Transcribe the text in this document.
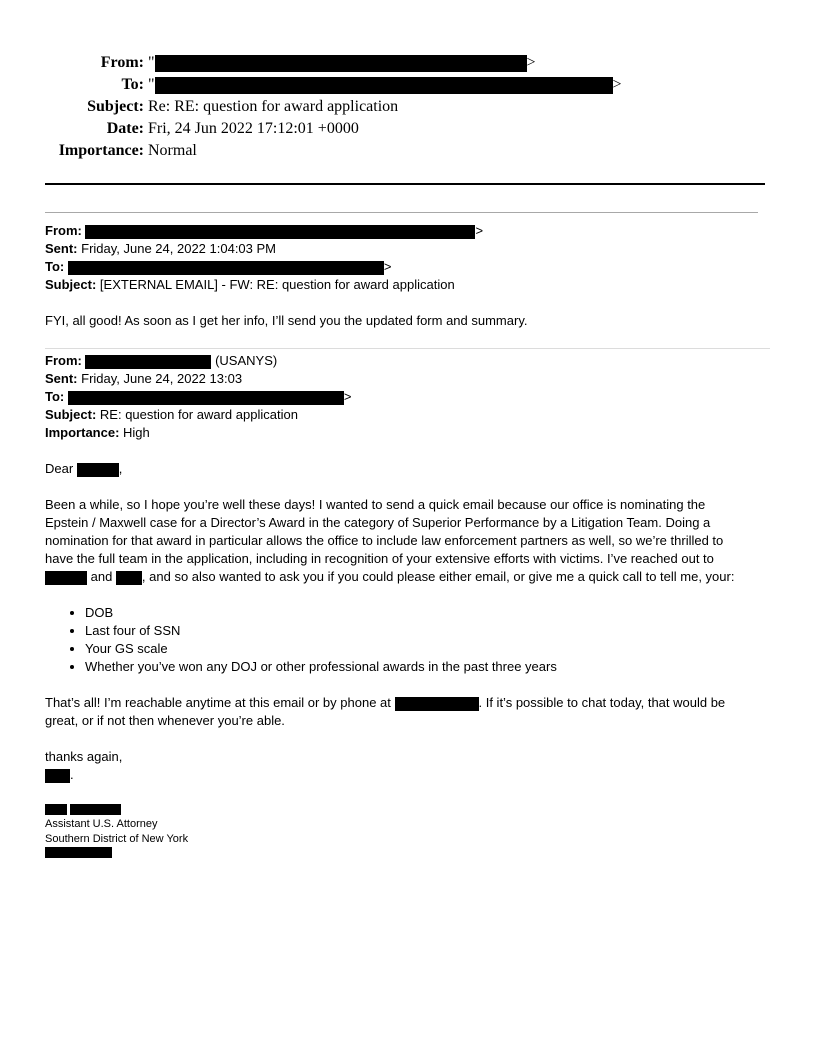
From: "	>
To: "	>
Subject: Re: RE: question for award application
Date: Fri, 24 Jun 2022 17:12:01 +0000
Importance: Normal
From:	>
Sent: Friday, June 24, 2022 1:04:03 PM
To:	>
Subject: [EXTERNAL EMAIL] - FW: RE: question for award application
FYI, all good! As soon as I get her info, I’ll send you the updated form and summary.
From:	(USANYS)
Sent: Friday, June 24, 2022 13:03
To:	>
Subject: RE: question for award application
Importance: High
Dear	,
Been a while, so I hope you’re well these days! I wanted to send a quick email because our office is nominating the
Epstein / Maxwell case for a Director’s Award in the category of Superior Performance by a Litigation Team. Doing a
nomination for that award in particular allows the office to include law enforcement partners as well, so we’re thrilled to
have the full team in the application, including in recognition of your extensive efforts with victims. I’ve reached out to
and , and so also wanted to ask you if you could please either email, or give me a quick call to tell me, your:
• DOB
• Last four of SSN
• Your GS scale
• Whether you’ve won any DOJ or other professional awards in the past three years
That’s all! I’m reachable anytime at this email or by phone at	. If it’s possible to chat today, that would be
great, or if not then whenever you’re able.
thanks again,
.

Assistant U.S. Attorney
Southern District of New York
